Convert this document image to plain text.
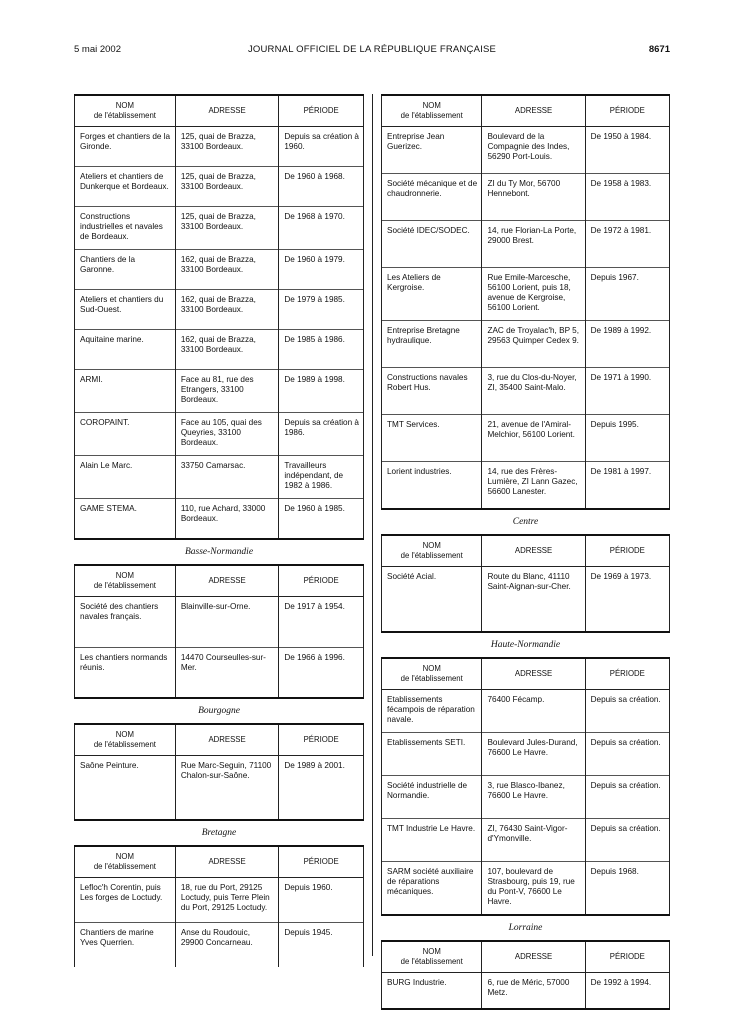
5 mai 2002	JOURNAL OFFICIEL DE LA RÉPUBLIQUE FRANÇAISE	8671
NOM
de l'établissement	ADRESSE	PÉRIODE
Forges et chantiers de la Gironde.	125, quai de Brazza, 33100 Bordeaux.	Depuis sa création à 1960.
Ateliers et chantiers de Dunkerque et Bordeaux.	125, quai de Brazza, 33100 Bordeaux.	De 1960 à 1968.
Constructions industrielles et navales de Bordeaux.	125, quai de Brazza, 33100 Bordeaux.	De 1968 à 1970.
Chantiers de la Garonne.	162, quai de Brazza, 33100 Bordeaux.	De 1960 à 1979.
Ateliers et chantiers du Sud-Ouest.	162, quai de Brazza, 33100 Bordeaux.	De 1979 à 1985.
Aquitaine marine.	162, quai de Brazza, 33100 Bordeaux.	De 1985 à 1986.
ARMI.	Face au 81, rue des Etrangers, 33100 Bordeaux.	De 1989 à 1998.
COROPAINT.	Face au 105, quai des Queyries, 33100 Bordeaux.	Depuis sa création à 1986.
Alain Le Marc.	33750 Camarsac.	Travailleurs indépendant, de 1982 à 1986.
GAME STEMA.	110, rue Achard, 33000 Bordeaux.	De 1960 à 1985.
Basse-Normandie
NOM
de l'établissement	ADRESSE	PÉRIODE
Société des chantiers navales français.	Blainville-sur-Orne.	De 1917 à 1954.
Les chantiers normands réunis.	14470 Courseulles-sur-Mer.	De 1966 à 1996.
Bourgogne
NOM
de l'établissement	ADRESSE	PÉRIODE
Saône Peinture.	Rue Marc-Seguin, 71100 Chalon-sur-Saône.	De 1989 à 2001.
Bretagne
NOM
de l'établissement	ADRESSE	PÉRIODE
Lefloc'h Corentin, puis Les forges de Loctudy.	18, rue du Port, 29125 Loctudy, puis Terre Plein du Port, 29125 Loctudy.	Depuis 1960.
Chantiers de marine Yves Querrien.	Anse du Roudouic, 29900 Concarneau.	Depuis 1945.
NOM
de l'établissement	ADRESSE	PÉRIODE
Entreprise Jean Guerizec.	Boulevard de la Compagnie des Indes, 56290 Port-Louis.	De 1950 à 1984.
Société mécanique et de chaudronnerie.	ZI du Ty Mor, 56700 Hennebont.	De 1958 à 1983.
Société IDEC/SODEC.	14, rue Florian-La Porte, 29000 Brest.	De 1972 à 1981.
Les Ateliers de Kergroise.	Rue Emile-Marcesche, 56100 Lorient, puis 18, avenue de Kergroise, 56100 Lorient.	Depuis 1967.
Entreprise Bretagne hydraulique.	ZAC de Troyalac'h, BP 5, 29563 Quimper Cedex 9.	De 1989 à 1992.
Constructions navales Robert Hus.	3, rue du Clos-du-Noyer, ZI, 35400 Saint-Malo.	De 1971 à 1990.
TMT Services.	21, avenue de l'Amiral-Melchior, 56100 Lorient.	Depuis 1995.
Lorient industries.	14, rue des Frères-Lumière, ZI Lann Gazec, 56600 Lanester.	De 1981 à 1997.
Centre
NOM
de l'établissement	ADRESSE	PÉRIODE
Société Acial.	Route du Blanc, 41110 Saint-Aignan-sur-Cher.	De 1969 à 1973.
Haute-Normandie
NOM
de l'établissement	ADRESSE	PÉRIODE
Etablissements fécampois de réparation navale.	76400 Fécamp.	Depuis sa création.
Etablissements SETI.	Boulevard Jules-Durand, 76600 Le Havre.	Depuis sa création.
Société industrielle de Normandie.	3, rue Blasco-Ibanez, 76600 Le Havre.	Depuis sa création.
TMT Industrie Le Havre.	ZI, 76430 Saint-Vigor-d'Ymonville.	Depuis sa création.
SARM société auxiliaire de réparations mécaniques.	107, boulevard de Strasbourg, puis 19, rue du Pont-V, 76600 Le Havre.	Depuis 1968.
Lorraine
NOM
de l'établissement	ADRESSE	PÉRIODE
BURG Industrie.	6, rue de Méric, 57000 Metz.	De 1992 à 1994.
